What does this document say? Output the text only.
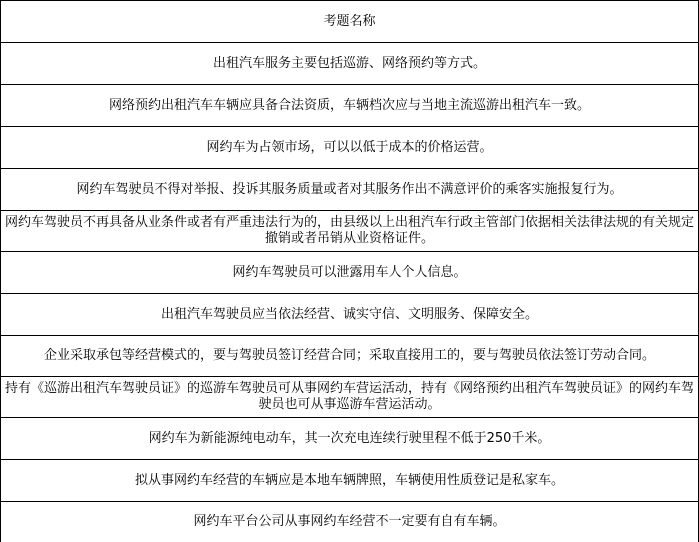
考题名称
出租汽车服务主要包括巡游、网络预约等方式。
网络预约出租汽车车辆应具备合法资质，车辆档次应与当地主流巡游出租汽车一致。
网约车为占领市场，可以以低于成本的价格运营。
网约车驾驶员不得对举报、投诉其服务质量或者对其服务作出不满意评价的乘客实施报复行为。
网约车驾驶员不再具备从业条件或者有严重违法行为的，由县级以上出租汽车行政主管部门依据相关法律法规的有关规定撤销或者吊销从业资格证件。
网约车驾驶员可以泄露用车人个人信息。
出租汽车驾驶员应当依法经营、诚实守信、文明服务、保障安全。
企业采取承包等经营模式的，要与驾驶员签订经营合同；采取直接用工的，要与驾驶员依法签订劳动合同。
持有《巡游出租汽车驾驶员证》的巡游车驾驶员可从事网约车营运活动，持有《网络预约出租汽车驾驶员证》的网约车驾驶员也可从事巡游车营运活动。
网约车为新能源纯电动车，其一次充电连续行驶里程不低于250千米。
拟从事网约车经营的车辆应是本地车辆牌照，车辆使用性质登记是私家车。
网约车平台公司从事网约车经营不一定要有自有车辆。
